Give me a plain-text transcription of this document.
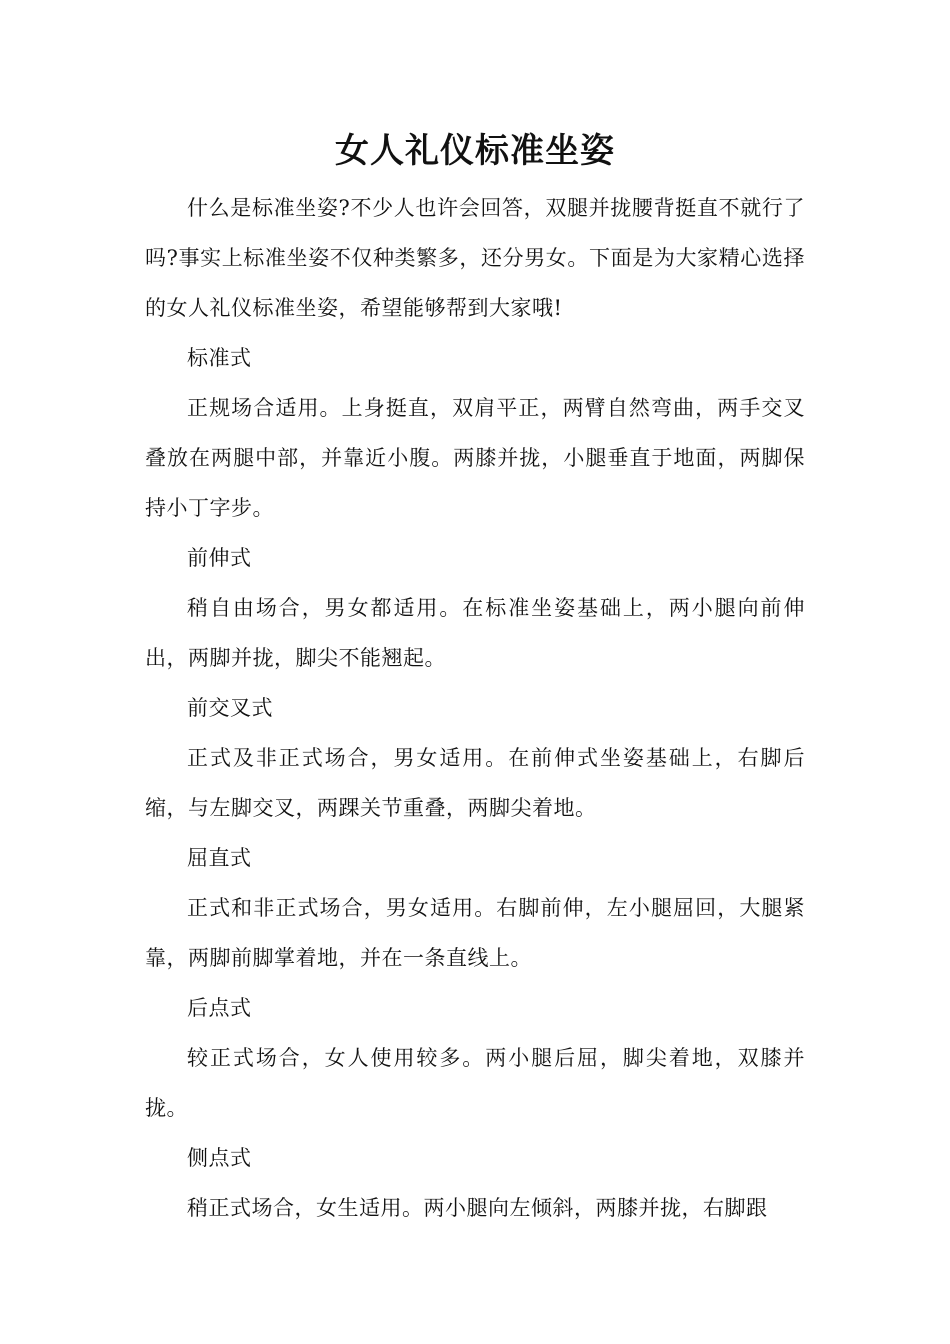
女人礼仪标准坐姿

什么是标准坐姿?不少人也许会回答，双腿并拢腰背挺直不就行了吗?事实上标准坐姿不仅种类繁多，还分男女。下面是为大家精心选择的女人礼仪标准坐姿，希望能够帮到大家哦!

标准式

正规场合适用。上身挺直，双肩平正，两臂自然弯曲，两手交叉叠放在两腿中部，并靠近小腹。两膝并拢，小腿垂直于地面，两脚保持小丁字步。

前伸式

稍自由场合，男女都适用。在标准坐姿基础上，两小腿向前伸出，两脚并拢，脚尖不能翘起。

前交叉式

正式及非正式场合，男女适用。在前伸式坐姿基础上，右脚后缩，与左脚交叉，两踝关节重叠，两脚尖着地。

屈直式

正式和非正式场合，男女适用。右脚前伸，左小腿屈回，大腿紧靠，两脚前脚掌着地，并在一条直线上。

后点式

较正式场合，女人使用较多。两小腿后屈，脚尖着地，双膝并拢。

侧点式

稍正式场合，女生适用。两小腿向左倾斜，两膝并拢，右脚跟
